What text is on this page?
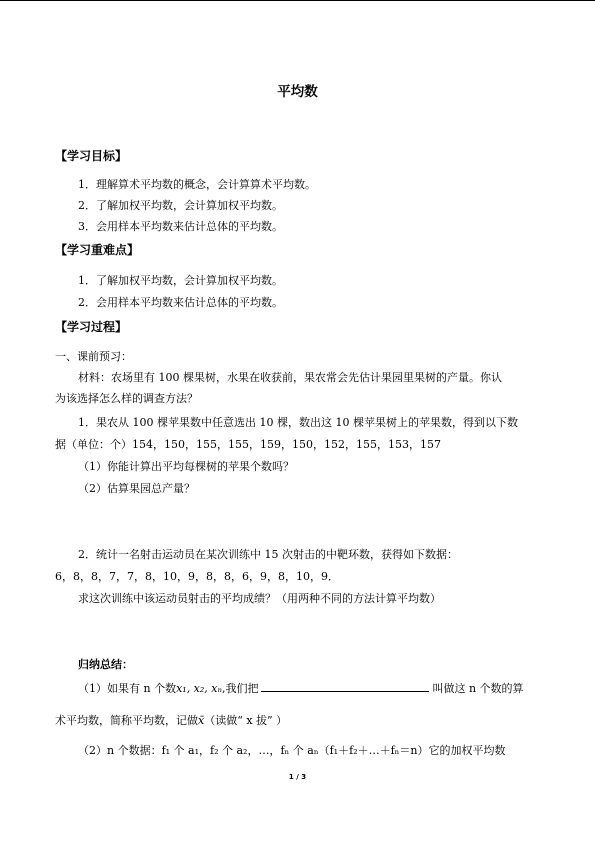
平均数
【学习目标】
1．理解算术平均数的概念，会计算算术平均数。
2．了解加权平均数，会计算加权平均数。
3．会用样本平均数来估计总体的平均数。
【学习重难点】
1．了解加权平均数，会计算加权平均数。
2．会用样本平均数来估计总体的平均数。
【学习过程】
一、课前预习：
材料：农场里有 100 棵果树，水果在收获前，果农常会先估计果园里果树的产量。你认
为该选择怎么样的调查方法？
1．果农从 100 棵苹果数中任意选出 10 棵，数出这 10 棵苹果树上的苹果数，得到以下数
据（单位：个）154，150，155，155，159，150，152，155，153，157
（1）你能计算出平均每棵树的苹果个数吗？
（2）估算果园总产量？
2．统计一名射击运动员在某次训练中 15 次射击的中靶环数，获得如下数据：
6，8，8，7，7，8，10，9，8，8，6，9，8，10，9．
求这次训练中该运动员射击的平均成绩？（用两种不同的方法计算平均数）
归纳总结：
（1）如果有 n 个数x₁, x₂, xₙ,我们把	叫做这 n 个数的算
术平均数，简称平均数，记做x̄（读做“ x 拔” ）
（2）n 个数据：f₁ 个 a₁，f₂ 个 a₂，…，fₙ 个 aₙ（f₁＋f₂＋…＋fₙ＝n）它的加权平均数
1 / 3
